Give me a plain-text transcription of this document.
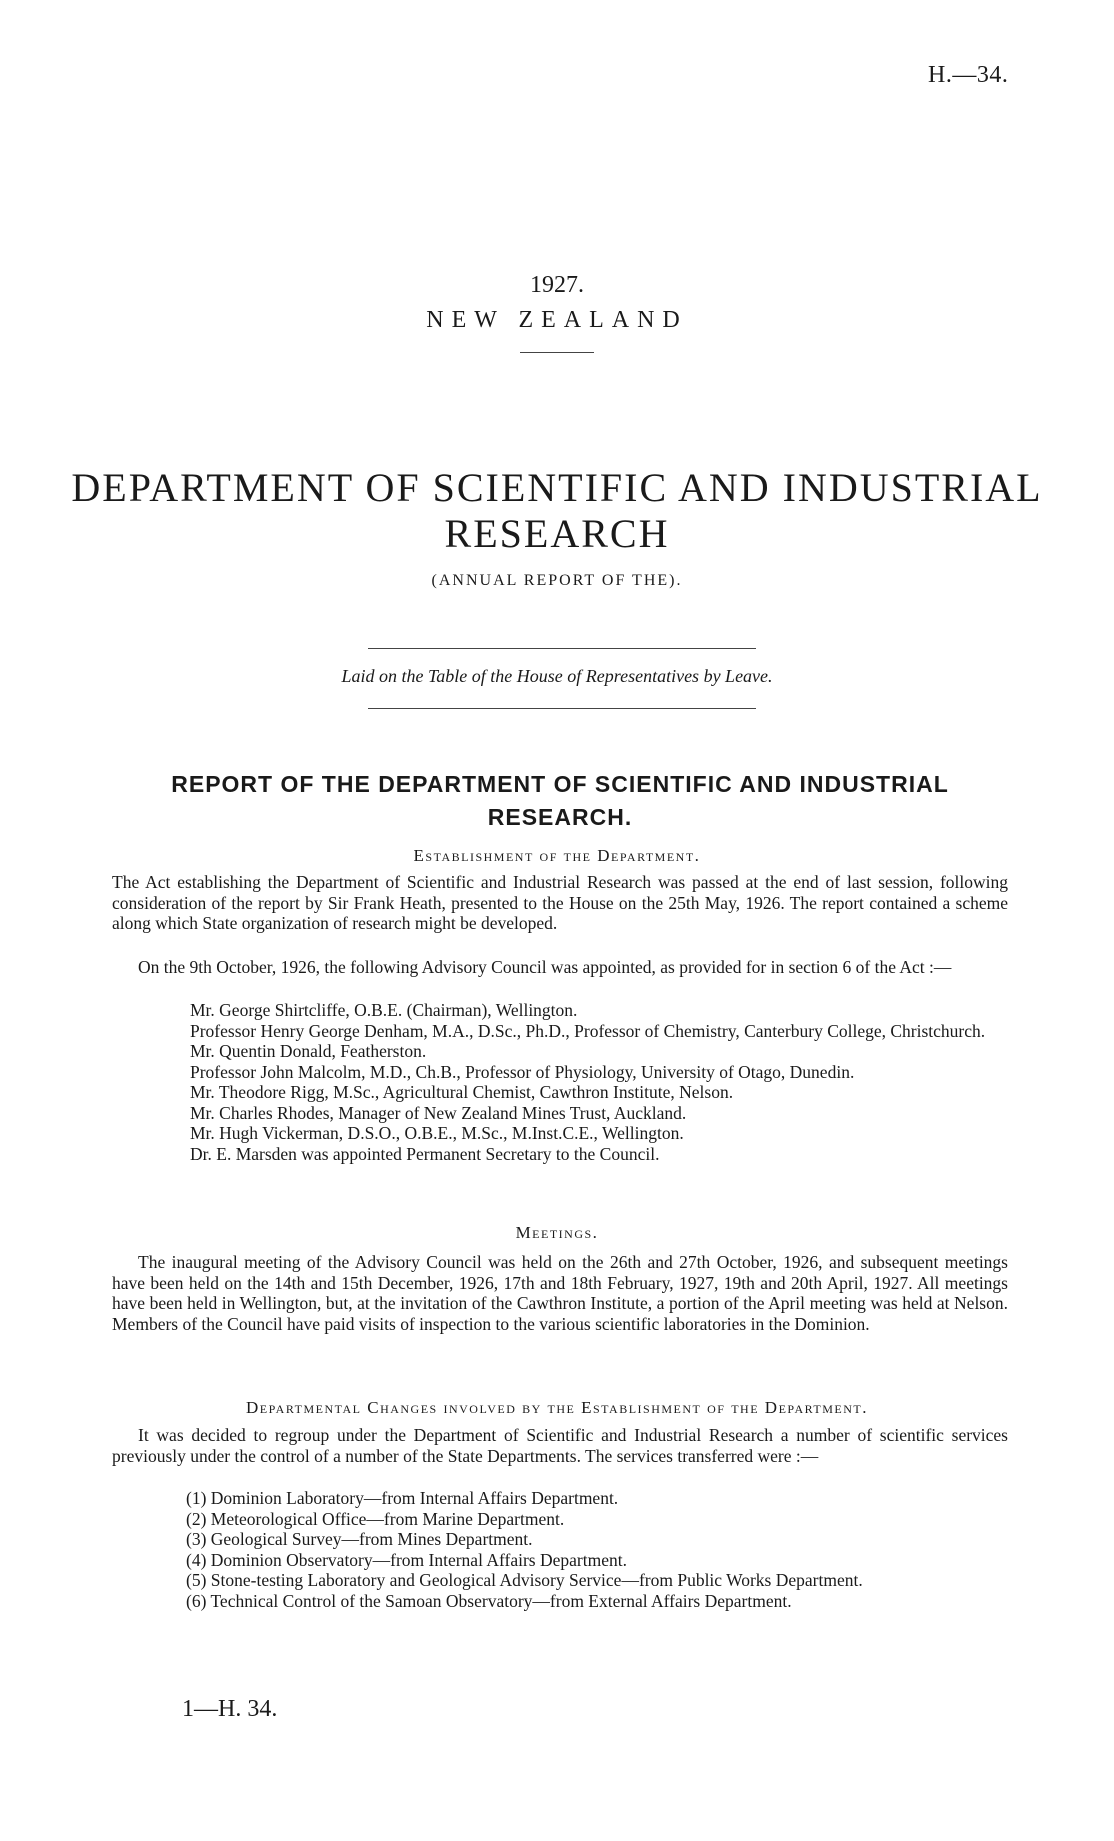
H.—34.
1927.
NEW ZEALAND
DEPARTMENT OF SCIENTIFIC AND INDUSTRIAL
RESEARCH
(ANNUAL REPORT OF THE).
Laid on the Table of the House of Representatives by Leave.
REPORT OF THE DEPARTMENT OF SCIENTIFIC AND INDUSTRIAL
RESEARCH.
Establishment of the Department.
The Act establishing the Department of Scientific and Industrial Research was passed at the end of last session, following consideration of the report by Sir Frank Heath, presented to the House on the 25th May, 1926. The report contained a scheme along which State organization of research might be developed.
On the 9th October, 1926, the following Advisory Council was appointed, as provided for in section 6 of the Act :—
Mr. George Shirtcliffe, O.B.E. (Chairman), Wellington.
Professor Henry George Denham, M.A., D.Sc., Ph.D., Professor of Chemistry, Canterbury College, Christchurch.
Mr. Quentin Donald, Featherston.
Professor John Malcolm, M.D., Ch.B., Professor of Physiology, University of Otago, Dunedin.
Mr. Theodore Rigg, M.Sc., Agricultural Chemist, Cawthron Institute, Nelson.
Mr. Charles Rhodes, Manager of New Zealand Mines Trust, Auckland.
Mr. Hugh Vickerman, D.S.O., O.B.E., M.Sc., M.Inst.C.E., Wellington.
Dr. E. Marsden was appointed Permanent Secretary to the Council.
Meetings.
The inaugural meeting of the Advisory Council was held on the 26th and 27th October, 1926, and subsequent meetings have been held on the 14th and 15th December, 1926, 17th and 18th February, 1927, 19th and 20th April, 1927. All meetings have been held in Wellington, but, at the invitation of the Cawthron Institute, a portion of the April meeting was held at Nelson. Members of the Council have paid visits of inspection to the various scientific laboratories in the Dominion.
Departmental Changes involved by the Establishment of the Department.
It was decided to regroup under the Department of Scientific and Industrial Research a number of scientific services previously under the control of a number of the State Departments. The services transferred were :—
(1) Dominion Laboratory—from Internal Affairs Department.
(2) Meteorological Office—from Marine Department.
(3) Geological Survey—from Mines Department.
(4) Dominion Observatory—from Internal Affairs Department.
(5) Stone-testing Laboratory and Geological Advisory Service—from Public Works Department.
(6) Technical Control of the Samoan Observatory—from External Affairs Department.
1—H. 34.
